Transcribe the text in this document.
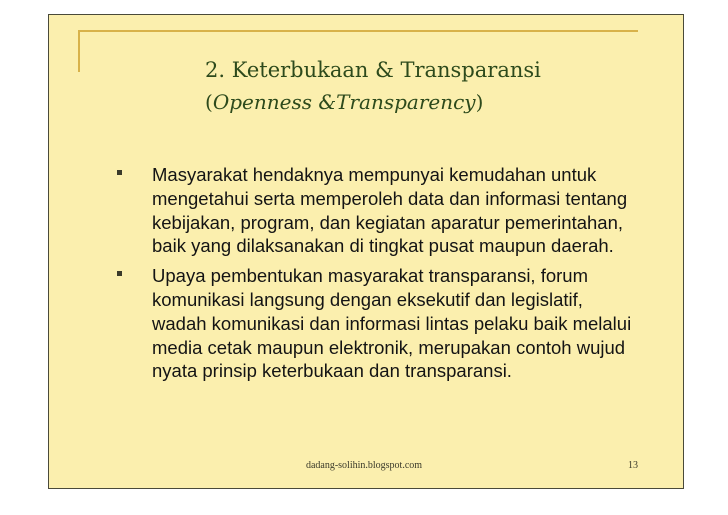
2. Keterbukaan & Transparansi
(Openness &Transparency)
Masyarakat hendaknya mempunyai kemudahan untuk mengetahui serta memperoleh data dan informasi tentang kebijakan, program, dan kegiatan aparatur pemerintahan, baik yang dilaksanakan di tingkat pusat maupun daerah.
Upaya pembentukan masyarakat transparansi, forum komunikasi langsung dengan eksekutif dan legislatif, wadah komunikasi dan informasi lintas pelaku baik melalui media cetak maupun elektronik, merupakan contoh wujud nyata prinsip keterbukaan dan transparansi.
dadang-solihin.blogspot.com	13
